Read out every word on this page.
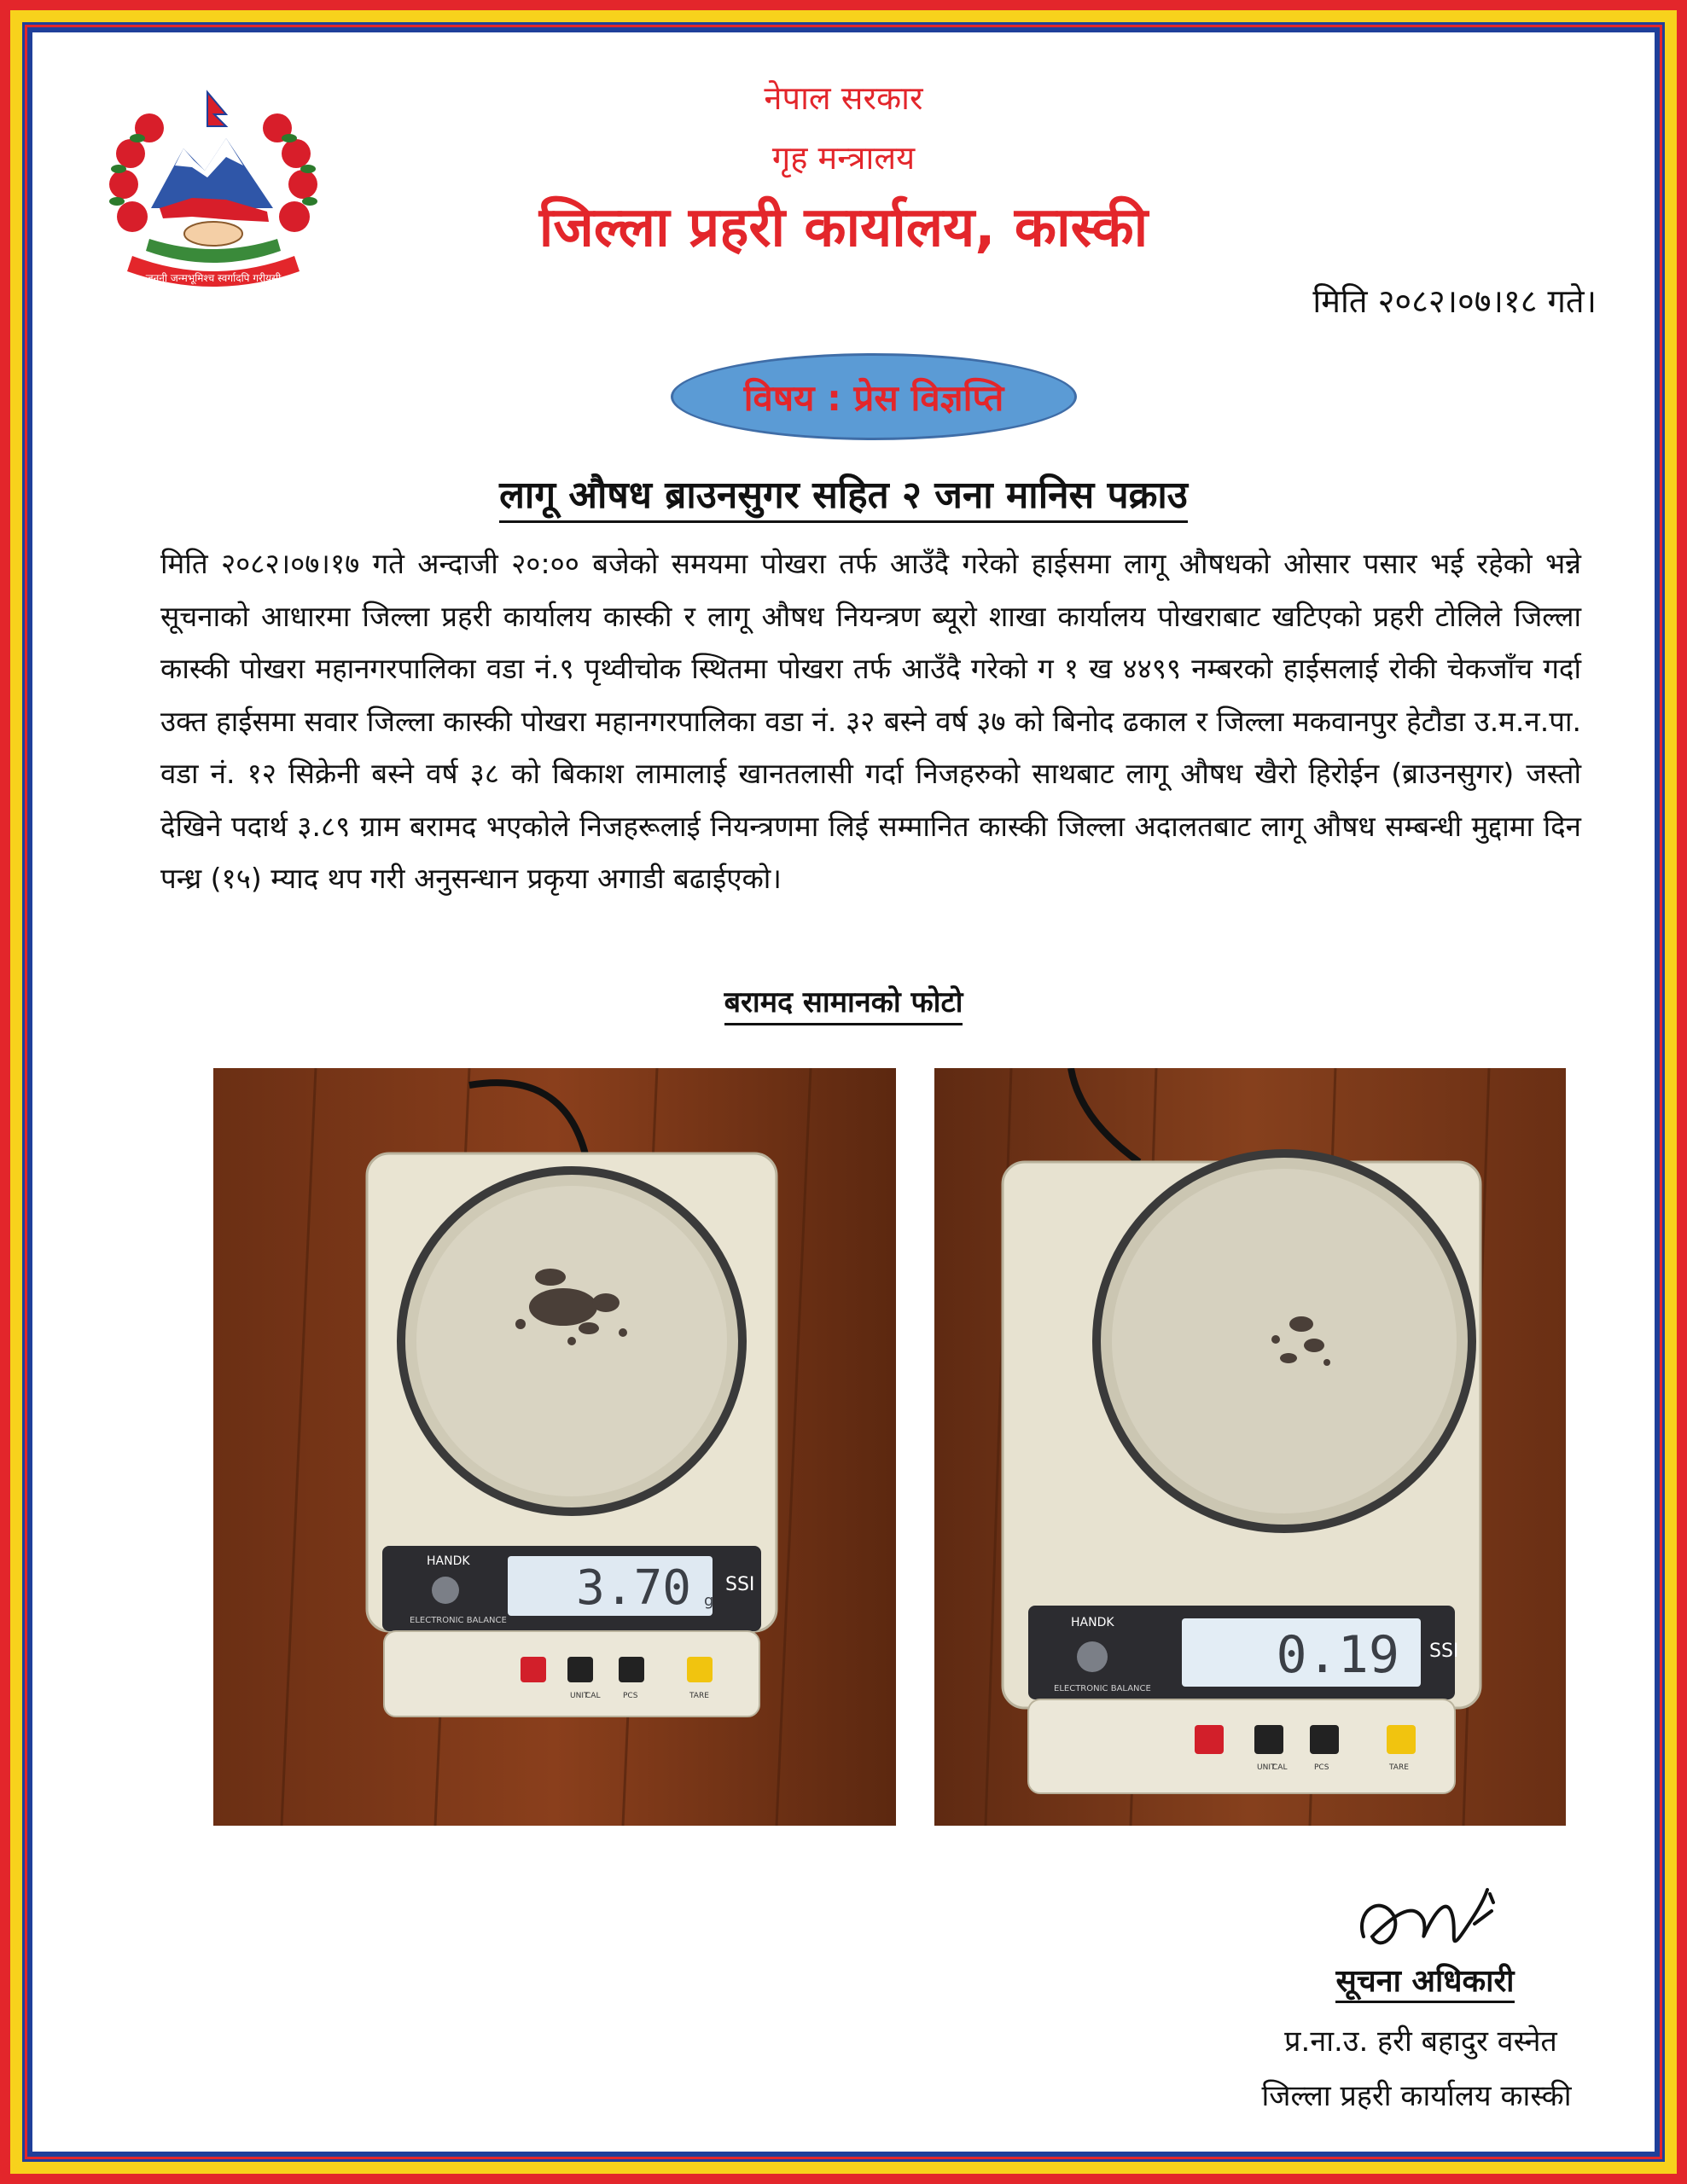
जननी जन्मभूमिश्च स्वर्गादपि गरीयसी
नेपाल सरकार
गृह मन्त्रालय
जिल्ला प्रहरी कार्यालय, कास्की
मिति २०८२।०७।१८ गते।
विषय : प्रेस विज्ञप्ति
लागू औषध ब्राउनसुगर सहित २ जना मानिस पक्राउ
मिति २०८२।०७।१७ गते अन्दाजी २०:०० बजेको समयमा पोखरा तर्फ आउँदै गरेको हाईसमा लागू औषधको ओसार पसार भई रहेको भन्ने सूचनाको आधारमा जिल्ला प्रहरी कार्यालय कास्की र लागू औषध नियन्त्रण ब्यूरो शाखा कार्यालय पोखराबाट खटिएको प्रहरी टोलिले जिल्ला कास्की पोखरा महानगरपालिका वडा नं.९ पृथ्वीचोक स्थितमा पोखरा तर्फ आउँदै गरेको ग १ ख ४४९९ नम्बरको हाईसलाई रोकी चेकजाँच गर्दा उक्त हाईसमा सवार जिल्ला कास्की पोखरा महानगरपालिका वडा नं. ३२ बस्ने वर्ष ३७ को बिनोद ढकाल र जिल्ला मकवानपुर हेटौडा उ.म.न.पा. वडा नं. १२ सिक्रेनी बस्ने वर्ष ३८ को बिकाश लामालाई खानतलासी गर्दा निजहरुको साथबाट लागू औषध खैरो हिरोईन (ब्राउनसुगर) जस्तो देखिने पदार्थ ३.८९ ग्राम बरामद भएकोले निजहरूलाई नियन्त्रणमा लिई सम्मानित कास्की जिल्ला अदालतबाट लागू औषध सम्बन्धी मुद्दामा दिन पन्ध्र (१५) म्याद थप गरी अनुसन्धान प्रकृया अगाडी बढाईएको।
बरामद सामानको फोटो
HANDK 3.70 g
SSI
ELECTRONIC BALANCE
UNIT
CAL	PCS	TARE
HANDK
0.19 SSI
ELECTRONIC BALANCE
UNIT
CAL	PCS	TARE
सूचना अधिकारी
प्र.ना.उ. हरी बहादुर वस्नेत
जिल्ला प्रहरी कार्यालय कास्की
